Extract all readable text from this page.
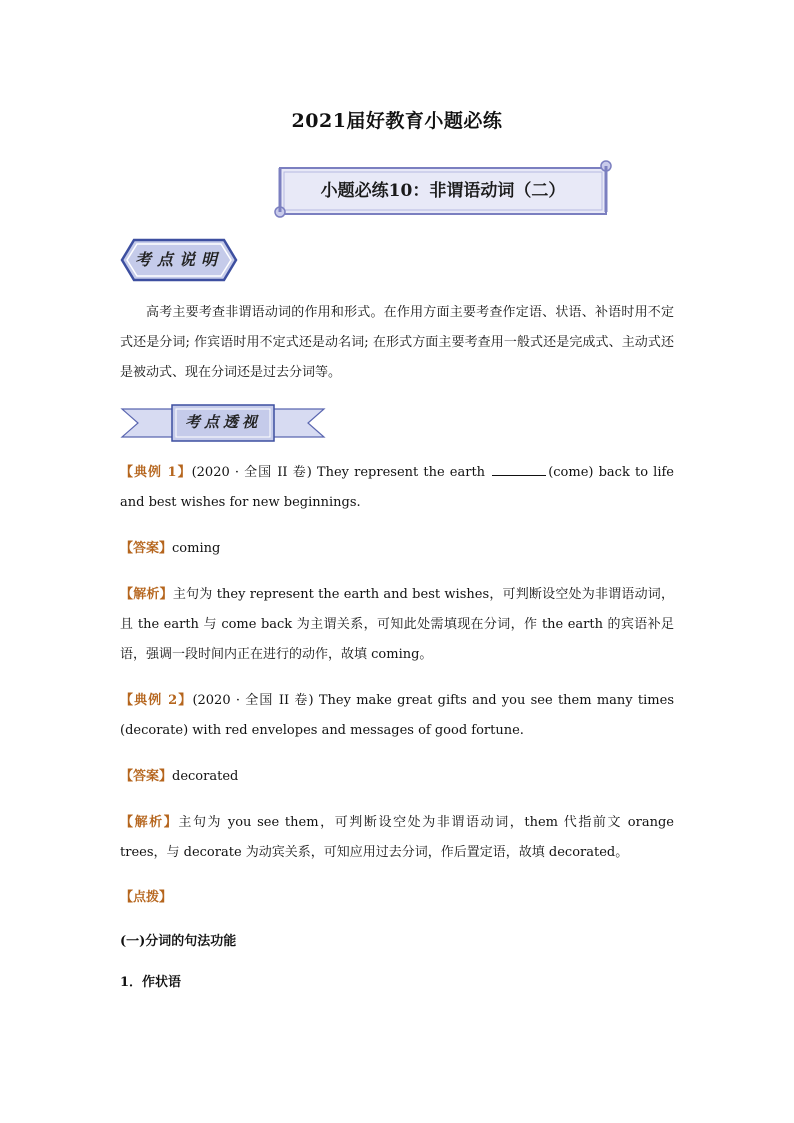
2021届好教育小题必练
小题必练10：非谓语动词（二）
考点说明
高考主要考查非谓语动词的作用和形式。在作用方面主要考查作定语、状语、补语时用不定式还是分词; 作宾语时用不定式还是动名词; 在形式方面主要考查用一般式还是完成式、主动式还是被动式、现在分词还是过去分词等。
考点透视
【典例 1】(2020 · 全国 II 卷) They represent the earth	(come) back to life and best wishes for new beginnings.
【答案】coming
【解析】主句为 they represent the earth and best wishes，可判断设空处为非谓语动词，且 the earth 与 come back 为主谓关系，可知此处需填现在分词，作 the earth 的宾语补足语，强调一段时间内正在进行的动作，故填 coming。
【典例 2】(2020 · 全国 II 卷) They make great gifts and you see them many times (decorate) with red envelopes and messages of good fortune.
【答案】decorated
【解析】主句为 you see them，可判断设空处为非谓语动词，them 代指前文 orange trees，与 decorate 为动宾关系，可知应用过去分词，作后置定语，故填 decorated。
【点拨】
(一)分词的句法功能
1．作状语
